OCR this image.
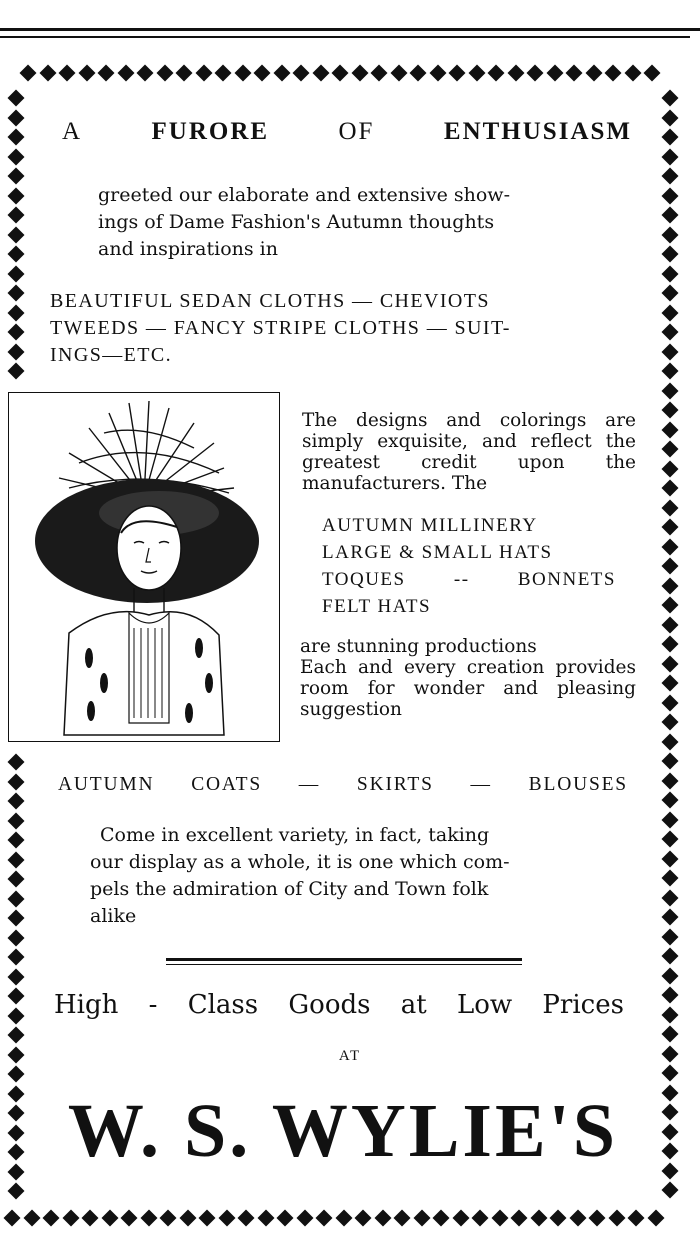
A	FURORE	OF	ENTHUSIASM
greeted our elaborate and extensive show-
ings of Dame Fashion's Autumn thoughts
and inspirations in
BEAUTIFUL SEDAN CLOTHS — CHEVIOTS
TWEEDS — FANCY STRIPE CLOTHS — SUIT-
INGS—ETC.
The designs and colorings are simply exquisite, and reflect the greatest credit upon the manufacturers. The
AUTUMN MILLINERY
LARGE & SMALL HATS
TOQUES	--	BONNETS
FELT HATS
are stunning productions
Each and every creation provides room for wonder and pleasing suggestion
AUTUMN COATS — SKIRTS — BLOUSES
Come in excellent variety, in fact, taking
our display as a whole, it is one which com-
pels the admiration of City and Town folk
alike
High - Class Goods at Low Prices
AT
W. S. WYLIE'S
